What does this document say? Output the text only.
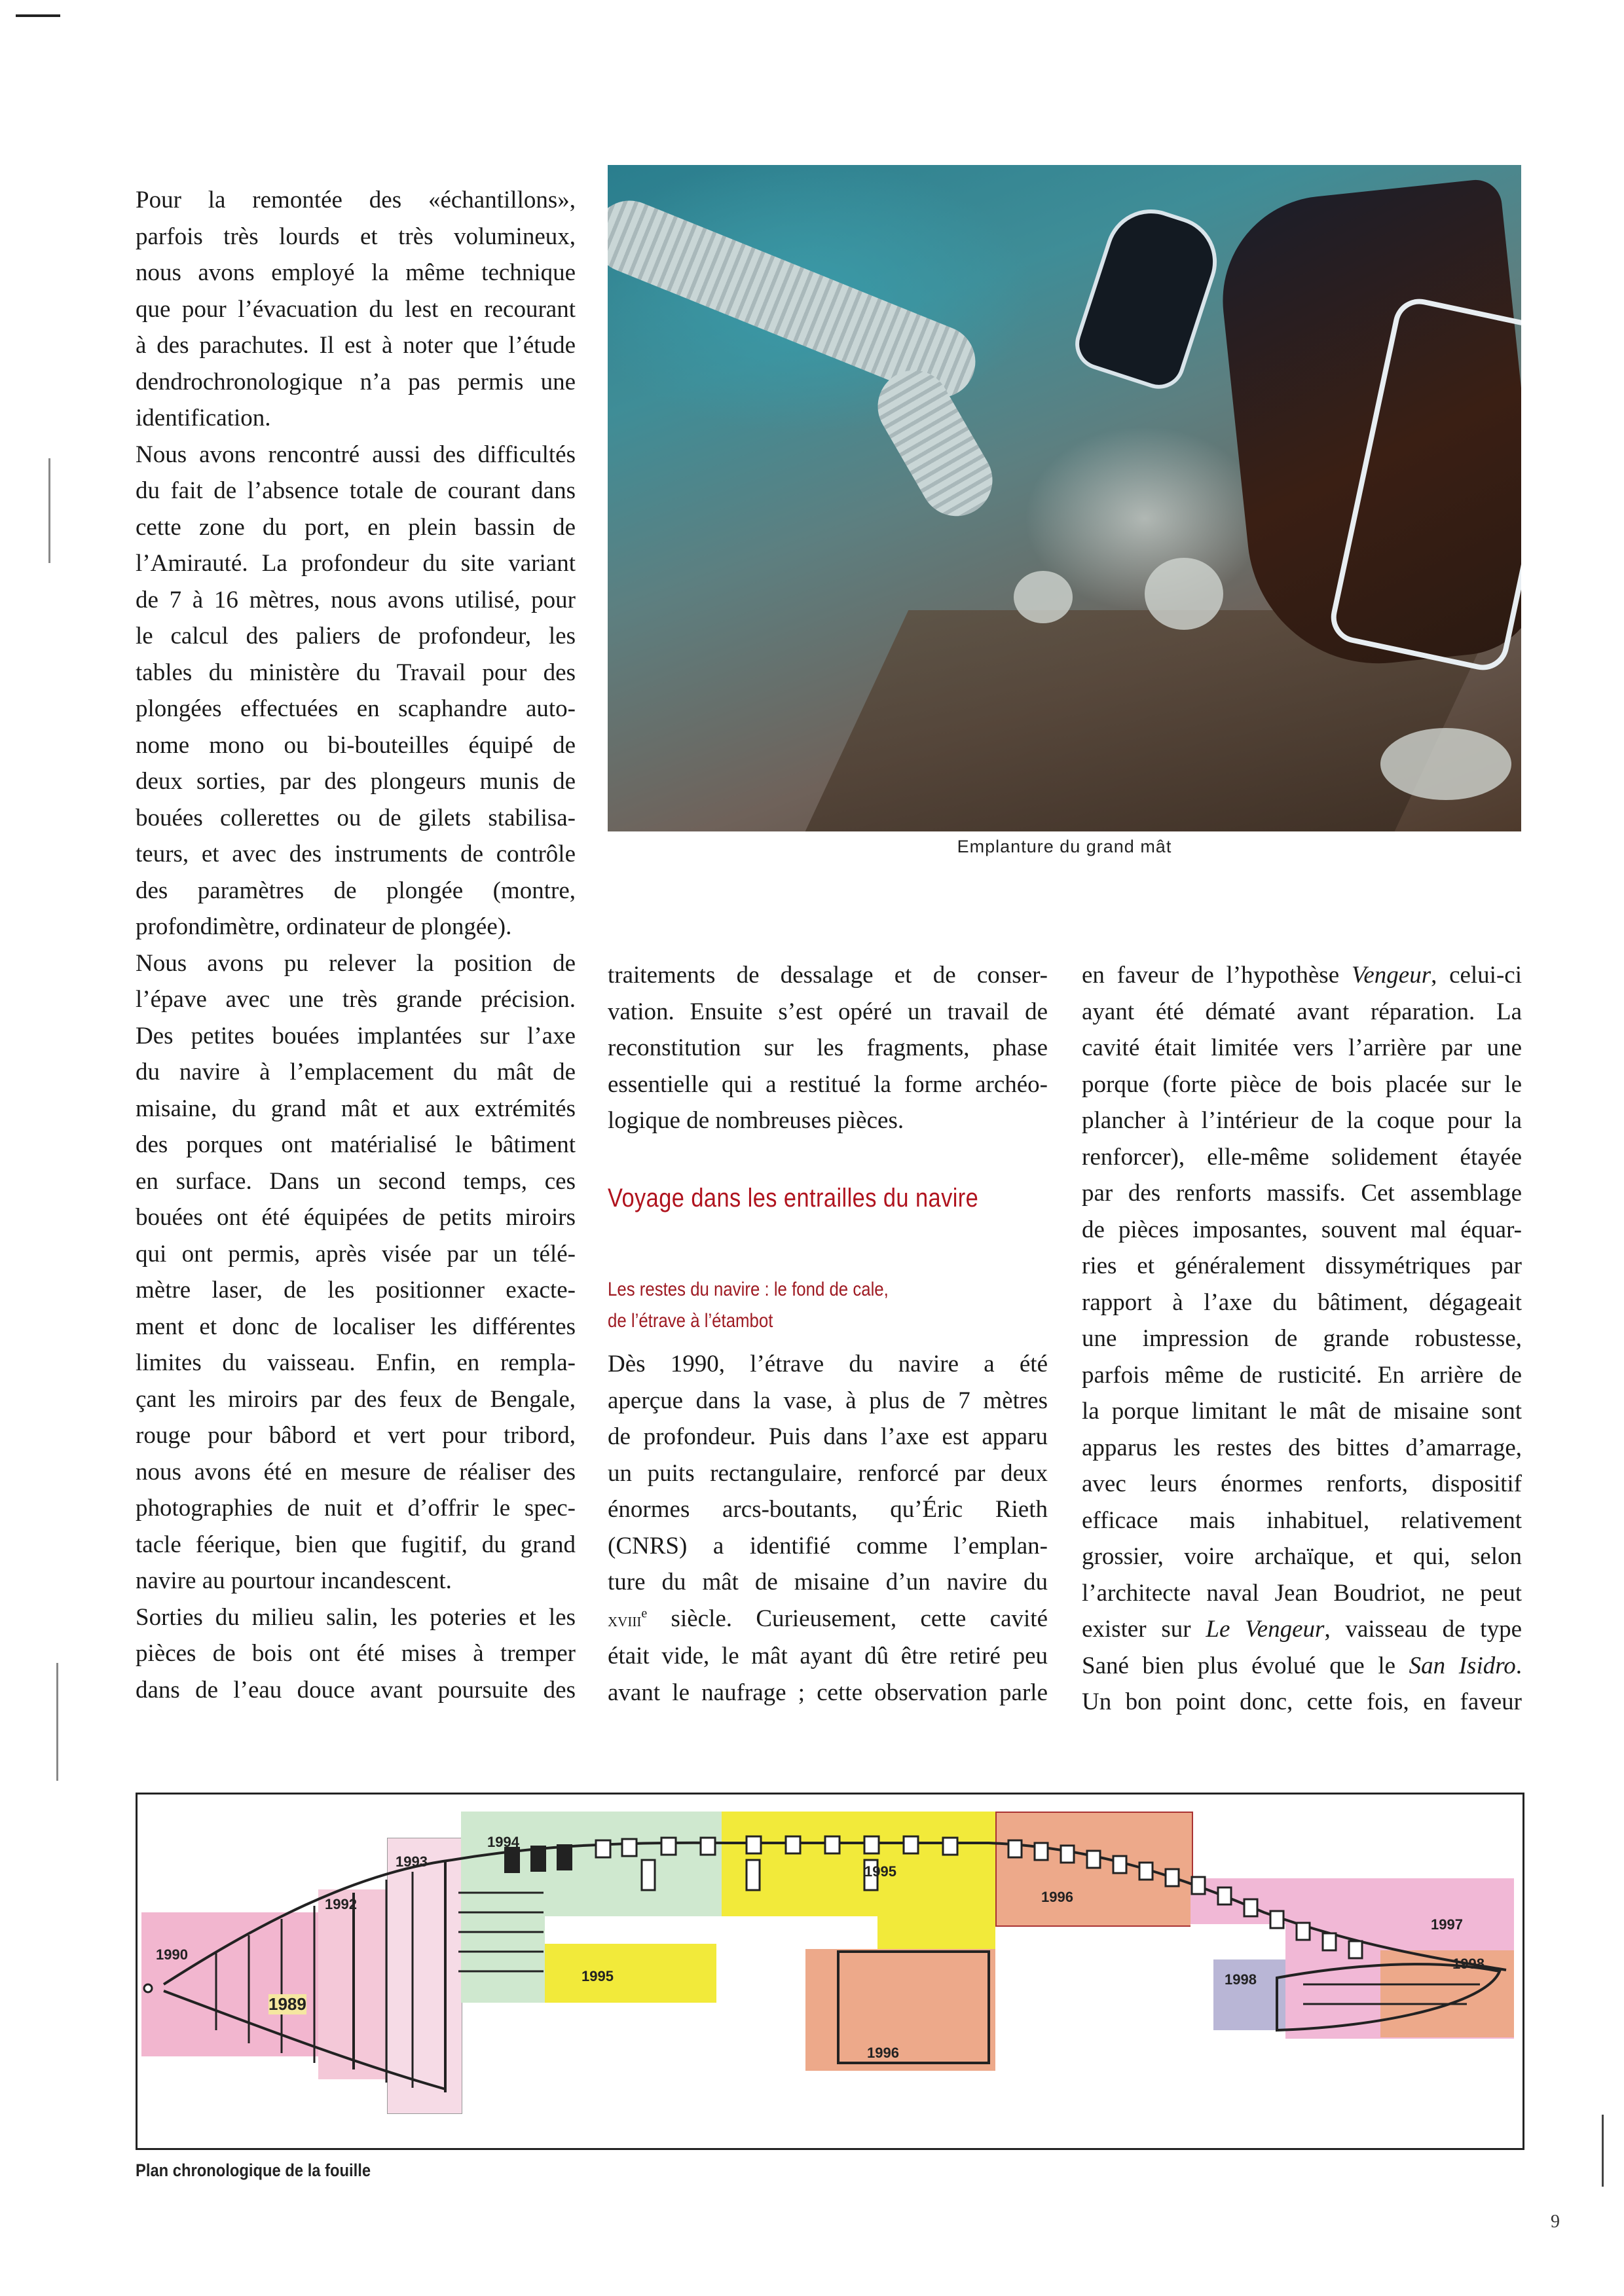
Pour la remontée des «échantillons»,
parfois très lourds et très volumineux,
nous avons employé la même technique
que pour l’évacuation du lest en recourant
à des parachutes. Il est à noter que l’étude
dendrochronologique n’a pas permis une
identification.
Nous avons rencontré aussi des difficultés
du fait de l’absence totale de courant dans
cette zone du port, en plein bassin de
l’Amirauté. La profondeur du site variant
de 7 à 16 mètres, nous avons utilisé, pour
le calcul des paliers de profondeur, les
tables du ministère du Travail pour des
plongées effectuées en scaphandre auto-
nome mono ou bi-bouteilles équipé de
deux sorties, par des plongeurs munis de
bouées collerettes ou de gilets stabilisa-
teurs, et avec des instruments de contrôle
des paramètres de plongée (montre,
profondimètre, ordinateur de plongée).
Nous avons pu relever la position de
l’épave avec une très grande précision.
Des petites bouées implantées sur l’axe
du navire à l’emplacement du mât de
misaine, du grand mât et aux extrémités
des porques ont matérialisé le bâtiment
en surface. Dans un second temps, ces
bouées ont été équipées de petits miroirs
qui ont permis, après visée par un télé-
mètre laser, de les positionner exacte-
ment et donc de localiser les différentes
limites du vaisseau. Enfin, en rempla-
çant les miroirs par des feux de Bengale,
rouge pour bâbord et vert pour tribord,
nous avons été en mesure de réaliser des
photographies de nuit et d’offrir le spec-
tacle féerique, bien que fugitif, du grand
navire au pourtour incandescent.
Sorties du milieu salin, les poteries et les
pièces de bois ont été mises à tremper
dans de l’eau douce avant poursuite des
Emplanture du grand mât
traitements de dessalage et de conser-
vation. Ensuite s’est opéré un travail de
reconstitution sur les fragments, phase
essentielle qui a restitué la forme archéo-
logique de nombreuses pièces.
Voyage dans les entrailles du navire
Les restes du navire : le fond de cale,
de l’étrave à l’étambot
Dès 1990, l’étrave du navire a été
aperçue dans la vase, à plus de 7 mètres
de profondeur. Puis dans l’axe est apparu
un puits rectangulaire, renforcé par deux
énormes arcs-boutants, qu’Éric Rieth
(CNRS) a identifié comme l’emplan-
ture du mât de misaine d’un navire du
xviii$^e$ siècle. Curieusement, cette cavité
était vide, le mât ayant dû être retiré peu
avant le naufrage ; cette observation parle
en faveur de l’hypothèse Vengeur, celui-ci
ayant été dématé avant réparation. La
cavité était limitée vers l’arrière par une
porque (forte pièce de bois placée sur le
plancher à l’intérieur de la coque pour la
renforcer), elle-même solidement étayée
par des renforts massifs. Cet assemblage
de pièces imposantes, souvent mal équar-
ries et généralement dissymétriques par
rapport à l’axe du bâtiment, dégageait
une impression de grande robustesse,
parfois même de rusticité. En arrière de
la porque limitant le mât de misaine sont
apparus les restes des bittes d’amarrage,
avec leurs énormes renforts, dispositif
efficace mais inhabituel, relativement
grossier, voire archaïque, et qui, selon
l’architecte naval Jean Boudriot, ne peut
exister sur Le Vengeur, vaisseau de type
Sané bien plus évolué que le San Isidro.
Un bon point donc, cette fois, en faveur
1990
1989
1992
1993
1994
1995
1995
1996
1996
1997
1998
1998
Plan chronologique de la fouille
9
